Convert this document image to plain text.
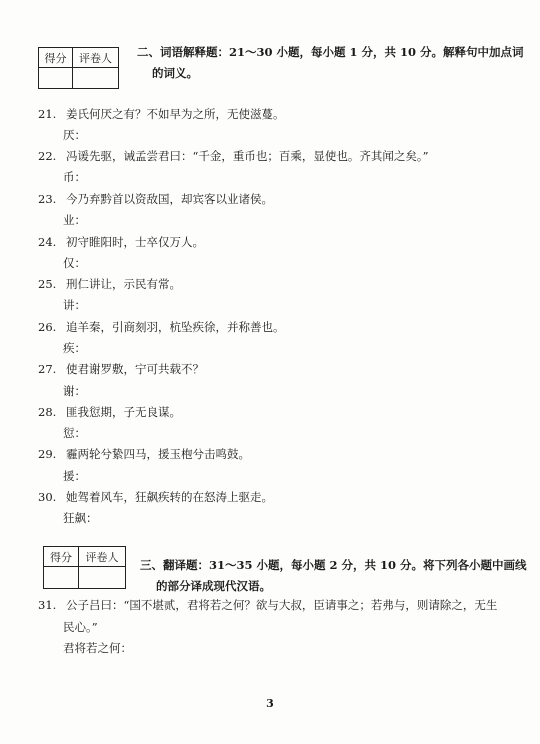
得分	评卷人
	二、词语解释题：21～30 小题，每小题 1 分，共 10 分。解释句中加点词
的词义。
21. 姜氏何厌之有？不如早为之所，无使滋蔓。
厌：
22. 冯谖先驱，诫孟尝君曰：“千金，重币也；百乘，显使也。齐其闻之矣。”
币：
23. 今乃弃黔首以资敌国，却宾客以业诸侯。
业：
24. 初守睢阳时，士卒仅万人。
仅：
25. 刑仁讲让，示民有常。
讲：
26. 追羊秦，引商刻羽，杭坠疾徐，并称善也。
疾：
27. 使君谢罗敷，宁可共载不？
谢：
28. 匪我愆期，子无良谋。
愆：
29. 霾两轮兮絷四马，援玉枹兮击鸣鼓。
援：
30. 她驾着风车，狂飙疾转的在怒涛上驱走。
狂飙：
得分	评卷人

三、翻译题：31～35 小题，每小题 2 分，共 10 分。将下列各小题中画线
的部分译成现代汉语。
31. 公子吕曰：“国不堪贰，君将若之何？欲与大叔，臣请事之；若弗与，则请除之，无生
民心。”
君将若之何：
3
